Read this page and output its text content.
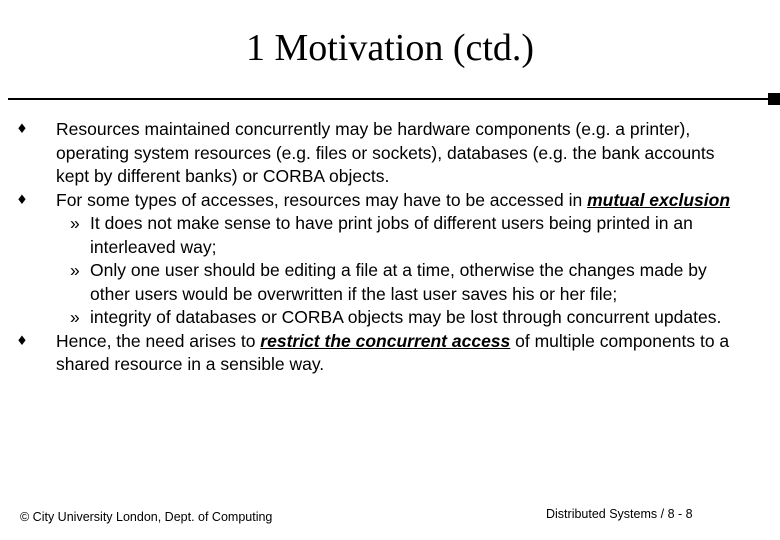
1 Motivation (ctd.)
♦ Resources maintained concurrently may be hardware components (e.g. a printer), operating system resources (e.g. files or sockets), databases (e.g. the bank accounts kept by different banks) or CORBA objects.
♦ For some types of accesses, resources may have to be accessed in mutual exclusion
» It does not make sense to have print jobs of different users being printed in an interleaved way;
» Only one user should be editing a file at a time, otherwise the changes made by other users would be overwritten if the last user saves his or her file;
» integrity of databases or CORBA objects may be lost through concurrent updates.
♦ Hence, the need arises to restrict the concurrent access of multiple components to a shared resource in a sensible way.
© City University London, Dept. of Computing	Distributed Systems / 8 - 8
